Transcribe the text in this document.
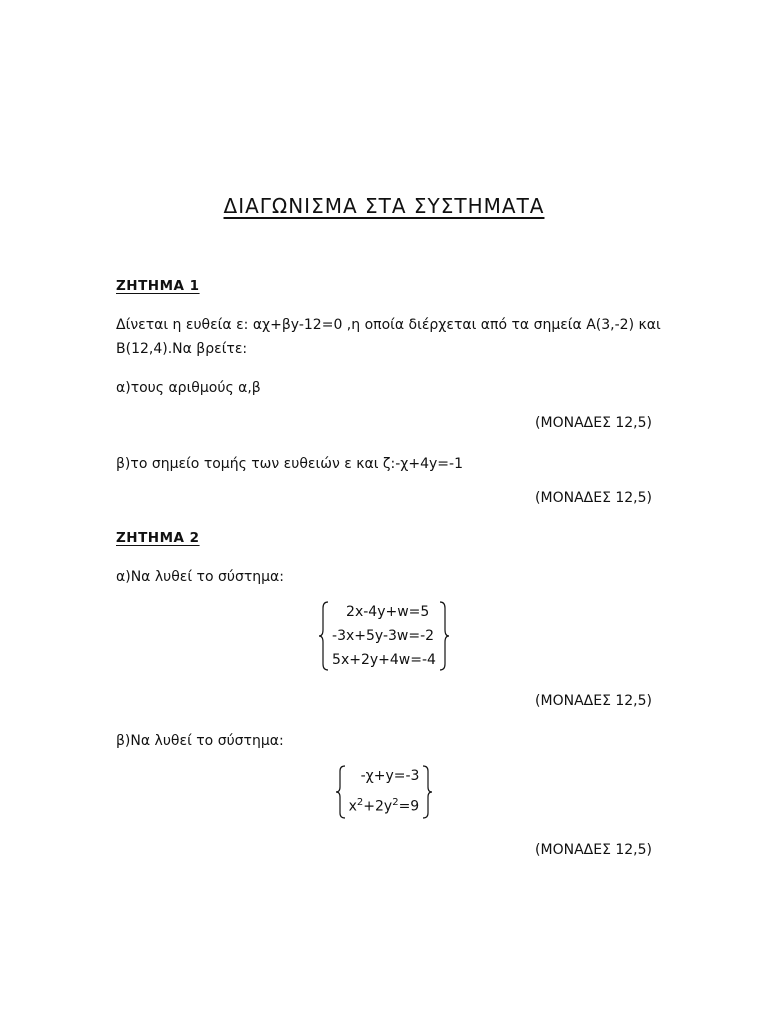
ΔΙΑΓΩΝΙΣΜΑ ΣΤΑ ΣΥΣΤΗΜΑΤΑ
ΖΗΤΗΜΑ 1
Δίνεται η ευθεία ε: αχ+βy-12=0 ,η οποία διέρχεται από τα σημεία Α(3,-2) και
Β(12,4).Να βρείτε:
α)τους αριθμούς α,β
(ΜΟΝΑΔΕΣ 12,5)
β)το σημείο τομής των ευθειών ε και ζ:-χ+4y=-1
(ΜΟΝΑΔΕΣ 12,5)
ΖΗΤΗΜΑ 2
α)Να λυθεί το σύστημα:
2x-4y+w=5
-3x+5y-3w=-2
5x+2y+4w=-4
(ΜΟΝΑΔΕΣ 12,5)
β)Να λυθεί το σύστημα:
-χ+y=-3
$x^2+2y^2=9$
(ΜΟΝΑΔΕΣ 12,5)
